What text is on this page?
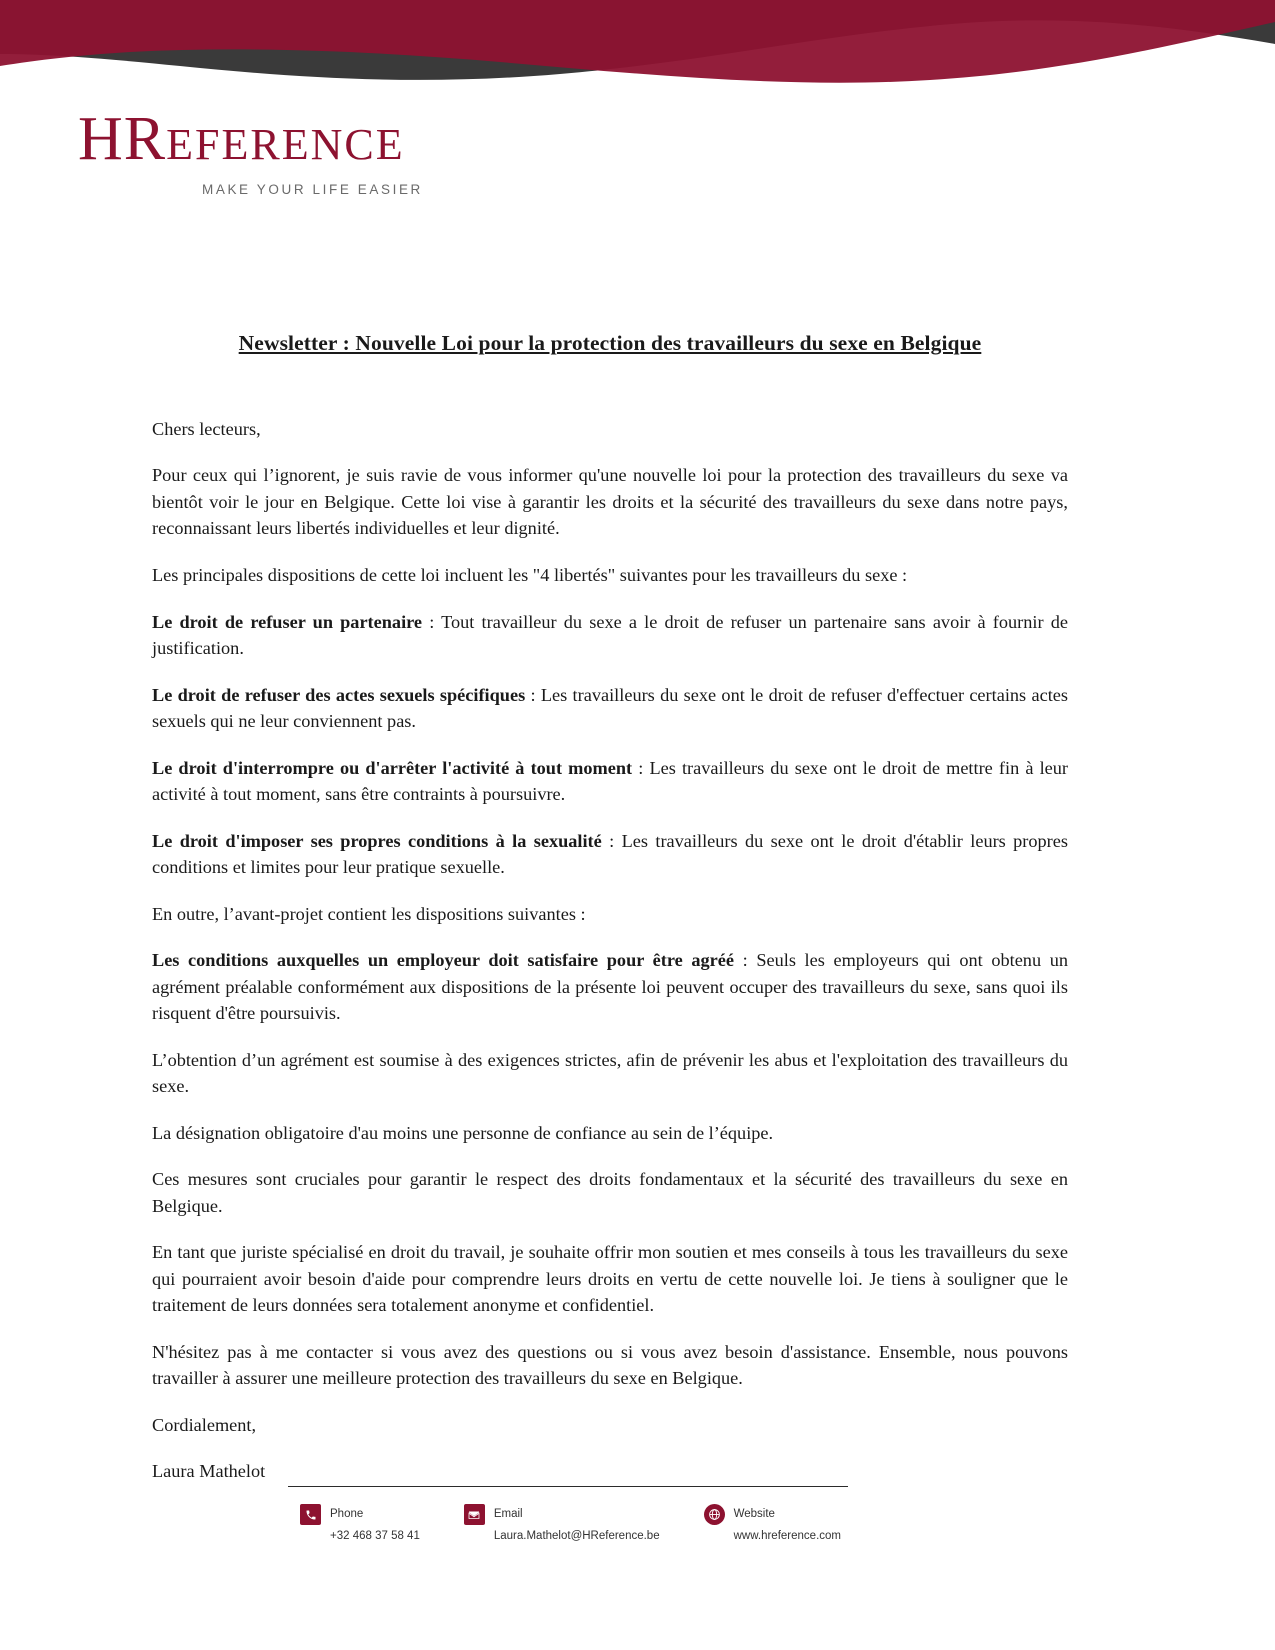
HREFERENCE
MAKE YOUR LIFE EASIER
Newsletter : Nouvelle Loi pour la protection des travailleurs du sexe en Belgique

Chers lecteurs,

Pour ceux qui l’ignorent, je suis ravie de vous informer qu'une nouvelle loi pour la protection des travailleurs du sexe va bientôt voir le jour en Belgique. Cette loi vise à garantir les droits et la sécurité des travailleurs du sexe dans notre pays, reconnaissant leurs libertés individuelles et leur dignité.

Les principales dispositions de cette loi incluent les "4 libertés" suivantes pour les travailleurs du sexe :

Le droit de refuser un partenaire : Tout travailleur du sexe a le droit de refuser un partenaire sans avoir à fournir de justification.

Le droit de refuser des actes sexuels spécifiques : Les travailleurs du sexe ont le droit de refuser d'effectuer certains actes sexuels qui ne leur conviennent pas.

Le droit d'interrompre ou d'arrêter l'activité à tout moment : Les travailleurs du sexe ont le droit de mettre fin à leur activité à tout moment, sans être contraints à poursuivre.

Le droit d'imposer ses propres conditions à la sexualité : Les travailleurs du sexe ont le droit d'établir leurs propres conditions et limites pour leur pratique sexuelle.

En outre, l’avant-projet contient les dispositions suivantes :

Les conditions auxquelles un employeur doit satisfaire pour être agréé : Seuls les employeurs qui ont obtenu un agrément préalable conformément aux dispositions de la présente loi peuvent occuper des travailleurs du sexe, sans quoi ils risquent d'être poursuivis.

L’obtention d’un agrément est soumise à des exigences strictes, afin de prévenir les abus et l'exploitation des travailleurs du sexe.

La désignation obligatoire d'au moins une personne de confiance au sein de l’équipe.

Ces mesures sont cruciales pour garantir le respect des droits fondamentaux et la sécurité des travailleurs du sexe en Belgique.

En tant que juriste spécialisé en droit du travail, je souhaite offrir mon soutien et mes conseils à tous les travailleurs du sexe qui pourraient avoir besoin d'aide pour comprendre leurs droits en vertu de cette nouvelle loi. Je tiens à souligner que le traitement de leurs données sera totalement anonyme et confidentiel.

N'hésitez pas à me contacter si vous avez des questions ou si vous avez besoin d'assistance. Ensemble, nous pouvons travailler à assurer une meilleure protection des travailleurs du sexe en Belgique.

Cordialement,

Laura Mathelot

Phone
+32 468 37 58 41
Email
Laura.Mathelot@HReference.be
Website
www.hreference.com
